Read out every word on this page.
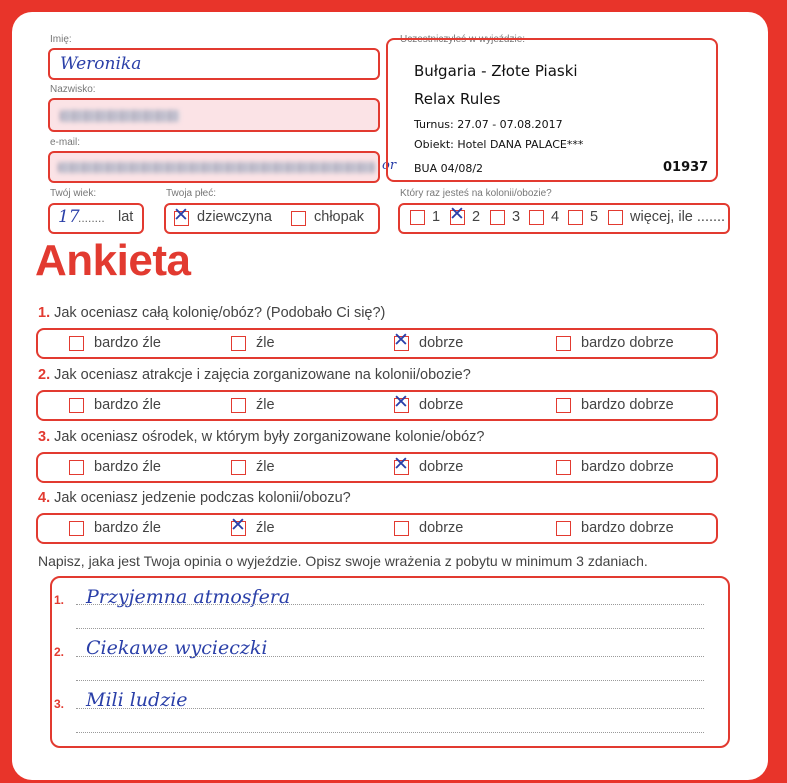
Imię:
Weronika
Nazwisko:
e-mail:
or
Twój wiek:
17
........ lat
Twoja płeć:
✕ dziewczyna	chłopak
Uczestniczyłeś w wyjeździe:
Bułgaria - Złote Piaski
Relax Rules
Turnus: 27.07 - 07.08.2017
Obiekt: Hotel DANA PALACE***
BUA 04/08/2	01937
Który raz jesteś na kolonii/obozie?
1 ✕ 2 3 4 5 więcej, ile .......
Ankieta
1. Jak oceniasz całą kolonię/obóz? (Podobało Ci się?)
bardzo źle	źle	✕ dobrze	bardzo dobrze
2. Jak oceniasz atrakcje i zajęcia zorganizowane na kolonii/obozie?
bardzo źle	źle	✕ dobrze	bardzo dobrze
3. Jak oceniasz ośrodek, w którym były zorganizowane kolonie/obóz?
bardzo źle	źle	✕ dobrze	bardzo dobrze
4. Jak oceniasz jedzenie podczas kolonii/obozu?
bardzo źle	✕ źle	dobrze	bardzo dobrze
Napisz, jaka jest Twoja opinia o wyjeździe. Opisz swoje wrażenia z pobytu w minimum 3 zdaniach.
1. Przyjemna atmosfera
2. Ciekawe wycieczki
3. Mili ludzie
